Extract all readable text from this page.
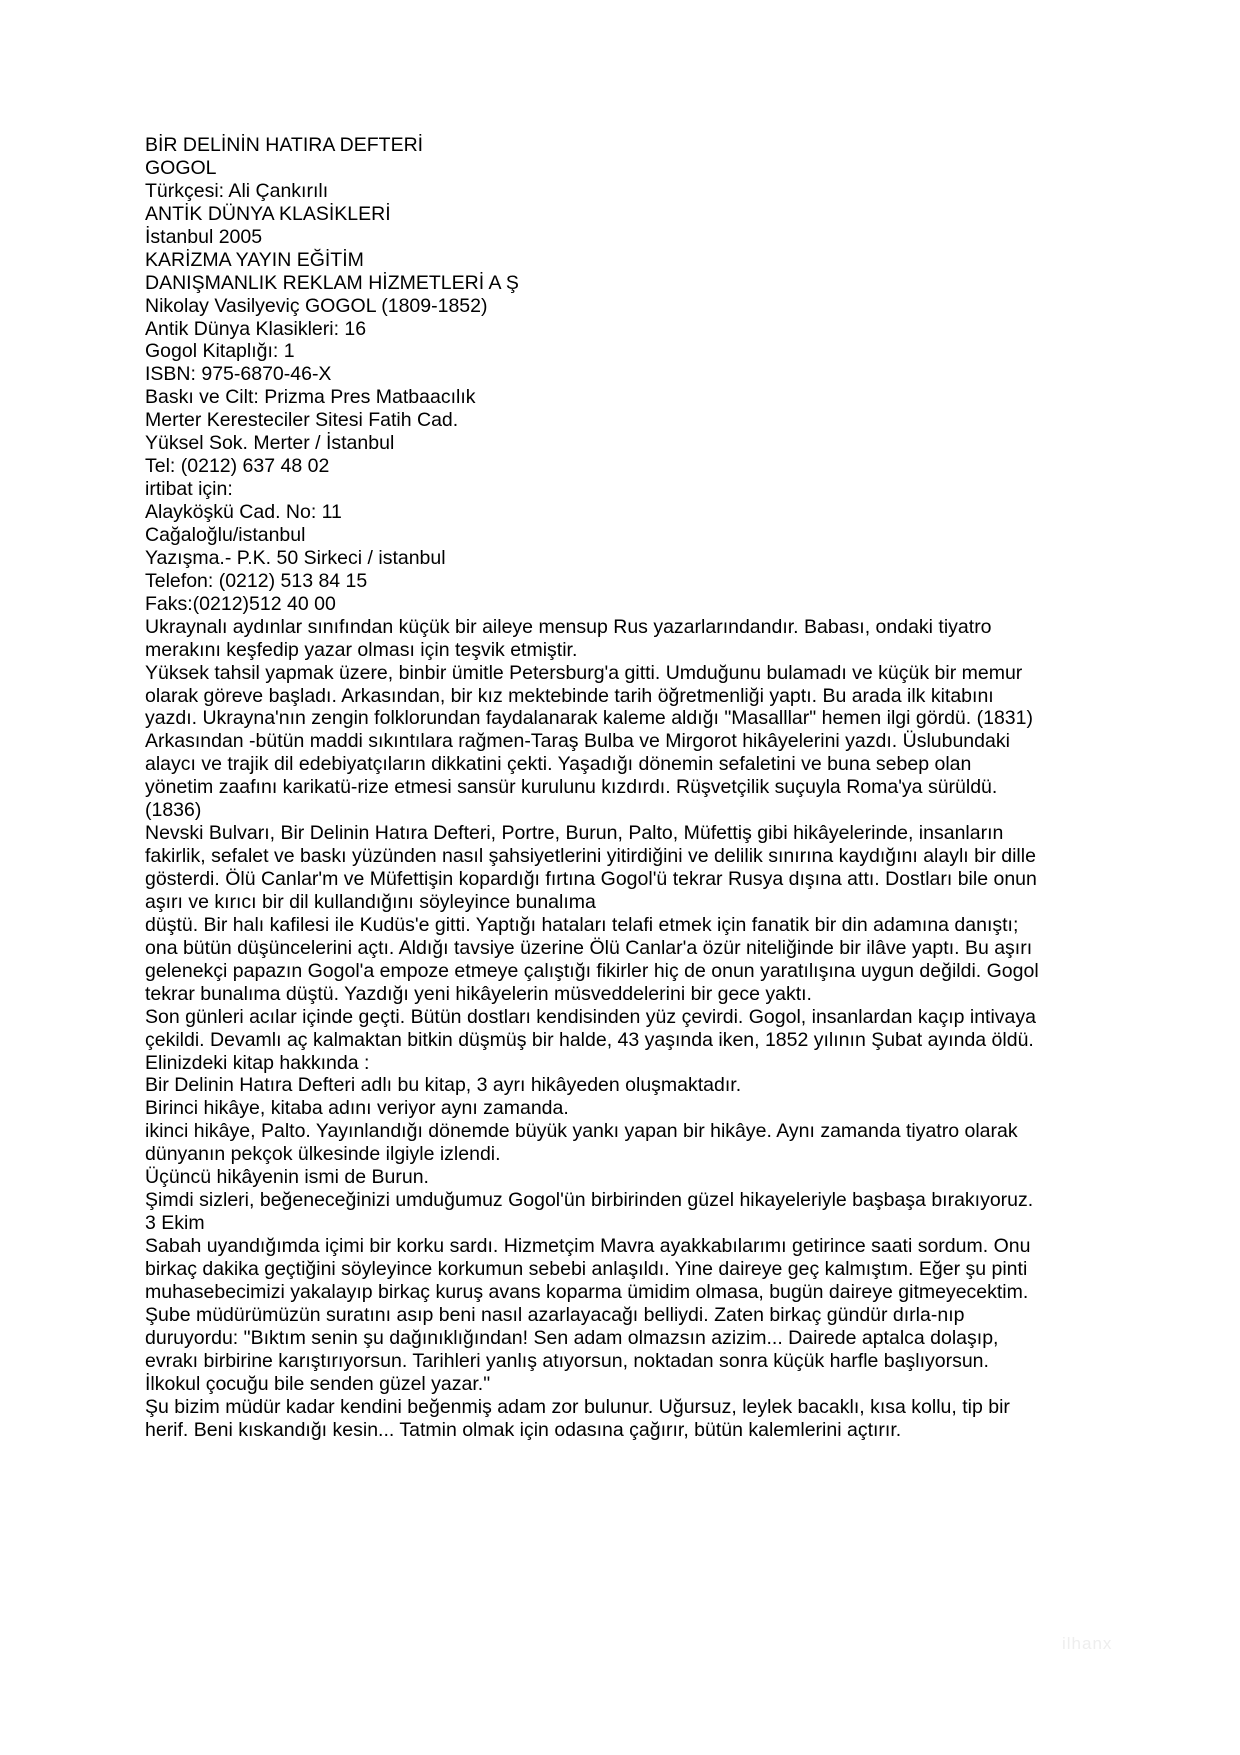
BİR DELİNİN HATIRA DEFTERİ
GOGOL
Türkçesi: Ali Çankırılı
ANTİK DÜNYA KLASİKLERİ
İstanbul 2005
KARİZMA YAYIN EĞİTİM
DANIŞMANLIK REKLAM HİZMETLERİ A Ş
Nikolay Vasilyeviç GOGOL (1809-1852)
Antik Dünya Klasikleri: 16
Gogol Kitaplığı: 1
ISBN: 975-6870-46-X
Baskı ve Cilt: Prizma Pres Matbaacılık
Merter Keresteciler Sitesi Fatih Cad.
Yüksel Sok. Merter / İstanbul
Tel: (0212) 637 48 02
irtibat için:
Alayköşkü Cad. No: 11
Cağaloğlu/istanbul
Yazışma.- P.K. 50 Sirkeci / istanbul
Telefon: (0212) 513 84 15
Faks:(0212)512 40 00
Ukraynalı aydınlar sınıfından küçük bir aileye mensup Rus yazarlarındandır. Babası, ondaki tiyatro
merakını keşfedip yazar olması için teşvik etmiştir.
Yüksek tahsil yapmak üzere, binbir ümitle Petersburg'a gitti. Umduğunu bulamadı ve küçük bir memur
olarak göreve başladı. Arkasından, bir kız mektebinde tarih öğretmenliği yaptı. Bu arada ilk kitabını
yazdı. Ukrayna'nın zengin folklorundan faydalanarak kaleme aldığı "Masalllar" hemen ilgi gördü. (1831)
Arkasından -bütün maddi sıkıntılara rağmen-Taraş Bulba ve Mirgorot hikâyelerini yazdı. Üslubundaki
alaycı ve trajik dil edebiyatçıların dikkatini çekti. Yaşadığı dönemin sefaletini ve buna sebep olan
yönetim zaafını karikatü-rize etmesi sansür kurulunu kızdırdı. Rüşvetçilik suçuyla Roma'ya sürüldü.
(1836)
Nevski Bulvarı, Bir Delinin Hatıra Defteri, Portre, Burun, Palto, Müfettiş gibi hikâyelerinde, insanların
fakirlik, sefalet ve baskı yüzünden nasıl şahsiyetlerini yitirdiğini ve delilik sınırına kaydığını alaylı bir dille
gösterdi. Ölü Canlar'm ve Müfettişin kopardığı fırtına Gogol'ü tekrar Rusya dışına attı. Dostları bile onun
aşırı ve kırıcı bir dil kullandığını söyleyince bunalıma
düştü. Bir halı kafilesi ile Kudüs'e gitti. Yaptığı hataları telafi etmek için fanatik bir din adamına danıştı;
ona bütün düşüncelerini açtı. Aldığı tavsiye üzerine Ölü Canlar'a özür niteliğinde bir ilâve yaptı. Bu aşırı
gelenekçi papazın Gogol'a empoze etmeye çalıştığı fikirler hiç de onun yaratılışına uygun değildi. Gogol
tekrar bunalıma düştü. Yazdığı yeni hikâyelerin müsveddelerini bir gece yaktı.
Son günleri acılar içinde geçti. Bütün dostları kendisinden yüz çevirdi. Gogol, insanlardan kaçıp intivaya
çekildi. Devamlı aç kalmaktan bitkin düşmüş bir halde, 43 yaşında iken, 1852 yılının Şubat ayında öldü.
Elinizdeki kitap hakkında :
Bir Delinin Hatıra Defteri adlı bu kitap, 3 ayrı hikâyeden oluşmaktadır.
Birinci hikâye, kitaba adını veriyor aynı zamanda.
ikinci hikâye, Palto. Yayınlandığı dönemde büyük yankı yapan bir hikâye. Aynı zamanda tiyatro olarak
dünyanın pekçok ülkesinde ilgiyle izlendi.
Üçüncü hikâyenin ismi de Burun.
Şimdi sizleri, beğeneceğinizi umduğumuz Gogol'ün birbirinden güzel hikayeleriyle başbaşa bırakıyoruz.
3 Ekim
Sabah uyandığımda içimi bir korku sardı. Hizmetçim Mavra ayakkabılarımı getirince saati sordum. Onu
birkaç dakika geçtiğini söyleyince korkumun sebebi anlaşıldı. Yine daireye geç kalmıştım. Eğer şu pinti
muhasebecimizi yakalayıp birkaç kuruş avans koparma ümidim olmasa, bugün daireye gitmeyecektim.
Şube müdürümüzün suratını asıp beni nasıl azarlayacağı belliydi. Zaten birkaç gündür dırla-nıp
duruyordu: "Bıktım senin şu dağınıklığından! Sen adam olmazsın azizim... Dairede aptalca dolaşıp,
evrakı birbirine karıştırıyorsun. Tarihleri yanlış atıyorsun, noktadan sonra küçük harfle başlıyorsun.
İlkokul çocuğu bile senden güzel yazar."
Şu bizim müdür kadar kendini beğenmiş adam zor bulunur. Uğursuz, leylek bacaklı, kısa kollu, tip bir
herif. Beni kıskandığı kesin... Tatmin olmak için odasına çağırır, bütün kalemlerini açtırır.
ilhanx
